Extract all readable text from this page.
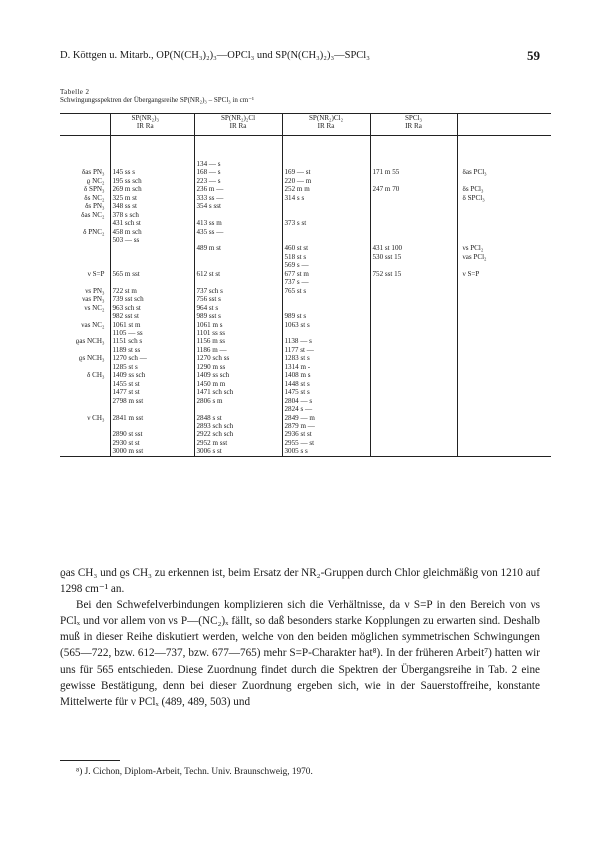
D. Köttgen u. Mitarb., OP(N(CH₃)₂)₃—OPCl₃ und SP(N(CH₃)₂)₃—SPCl₃	59
Tabelle 2
Schwingungsspektren der Übergangsreihe SP(NR₂)₃ – SPCl₃ in cm⁻¹
	SP(NR₂)₃		SP(NR₂)₂Cl	SP(NR₂)Cl₂	SPCl₃	
	IR Ra		IR Ra	IR Ra	IR Ra	
			134 — s			
δas PN₃	145 ss s		168 — s	169 — st	171 m 55	δas PCl₃
ϱ NC₂	195 ss sch		223 — s	220 — m		
δ SPN₃	269 m sch		236 m —	252 m m	247 m 70	δs PCl₃
δs NC₂	325 m st		333 ss —	314 s s		δ SPCl₃
δs PN₃	348 ss st		354 s sst			
δas NC₂	378 s sch					
	431 sch st		413 ss m	373 s st		
δ PNC₂	458 m sch		435 ss —			
	503 — ss					
			489 m st	460 st st	431 st 100	νs PCl₂
				518 st s	530 sst 15	νas PCl₂
				569 s —		
ν S=P	565 m sst		612 st st	677 st m	752 sst 15	ν S=P
				737 s —		
νs PN₃	722 st m		737 sch s	765 st s		
νas PN₃	739 sst sch		756 sst s			
νs NC₂	963 sch st		964 st s			
	982 sst st		989 sst s	989 st s		
νas NC₂	1061 st m		1061 m s	1063 st s		
	1105 — ss		1101 ss ss			
ϱas NCH₃	1151 sch s		1156 m ss	1138 — s		
	1189 st ss		1186 m —	1177 st —		
ϱs NCH₃	1270 sch —		1270 sch ss	1283 st s		
	1285 st s		1290 m ss	1314 m -		
δ CH₃	1409 ss sch		1409 ss sch	1408 m s		
	1455 st st		1450 m m	1448 st s		
	1477 st st		1471 sch sch	1475 st s		
	2798 m sst		2806 s m	2804 — s		
				2824 s —		
ν CH₃	2841 m sst		2848 s st	2849 — m		
			2893 sch sch	2879 m —		
	2890 st sst		2922 sch sch	2936 st st		
	2930 st st		2952 m sst	2955 — st		
	3000 m sst		3006 s st	3005 s s		

ϱas CH₃ und ϱs CH₃ zu erkennen ist, beim Ersatz der NR₂-Gruppen durch Chlor gleichmäßig von 1210 auf 1298 cm⁻¹ an.

Bei den Schwefelverbindungen komplizieren sich die Verhältnisse, da ν S=P in den Bereich von νs PClₓ und vor allem von νs P—(NC₂)ₓ fällt, so daß besonders starke Kopplungen zu erwarten sind. Deshalb muß in dieser Reihe diskutiert werden, welche von den beiden möglichen symmetrischen Schwingungen (565—722, bzw. 612—737, bzw. 677—765) mehr S=P-Charakter hat⁸). In der früheren Arbeit⁷) hatten wir uns für 565 entschieden. Diese Zuordnung findet durch die Spektren der Übergangsreihe in Tab. 2 eine gewisse Bestätigung, denn bei dieser Zuordnung ergeben sich, wie in der Sauerstoffreihe, konstante Mittelwerte für ν PClₓ (489, 489, 503) und

⁸) J. Cichon, Diplom-Arbeit, Techn. Univ. Braunschweig, 1970.
